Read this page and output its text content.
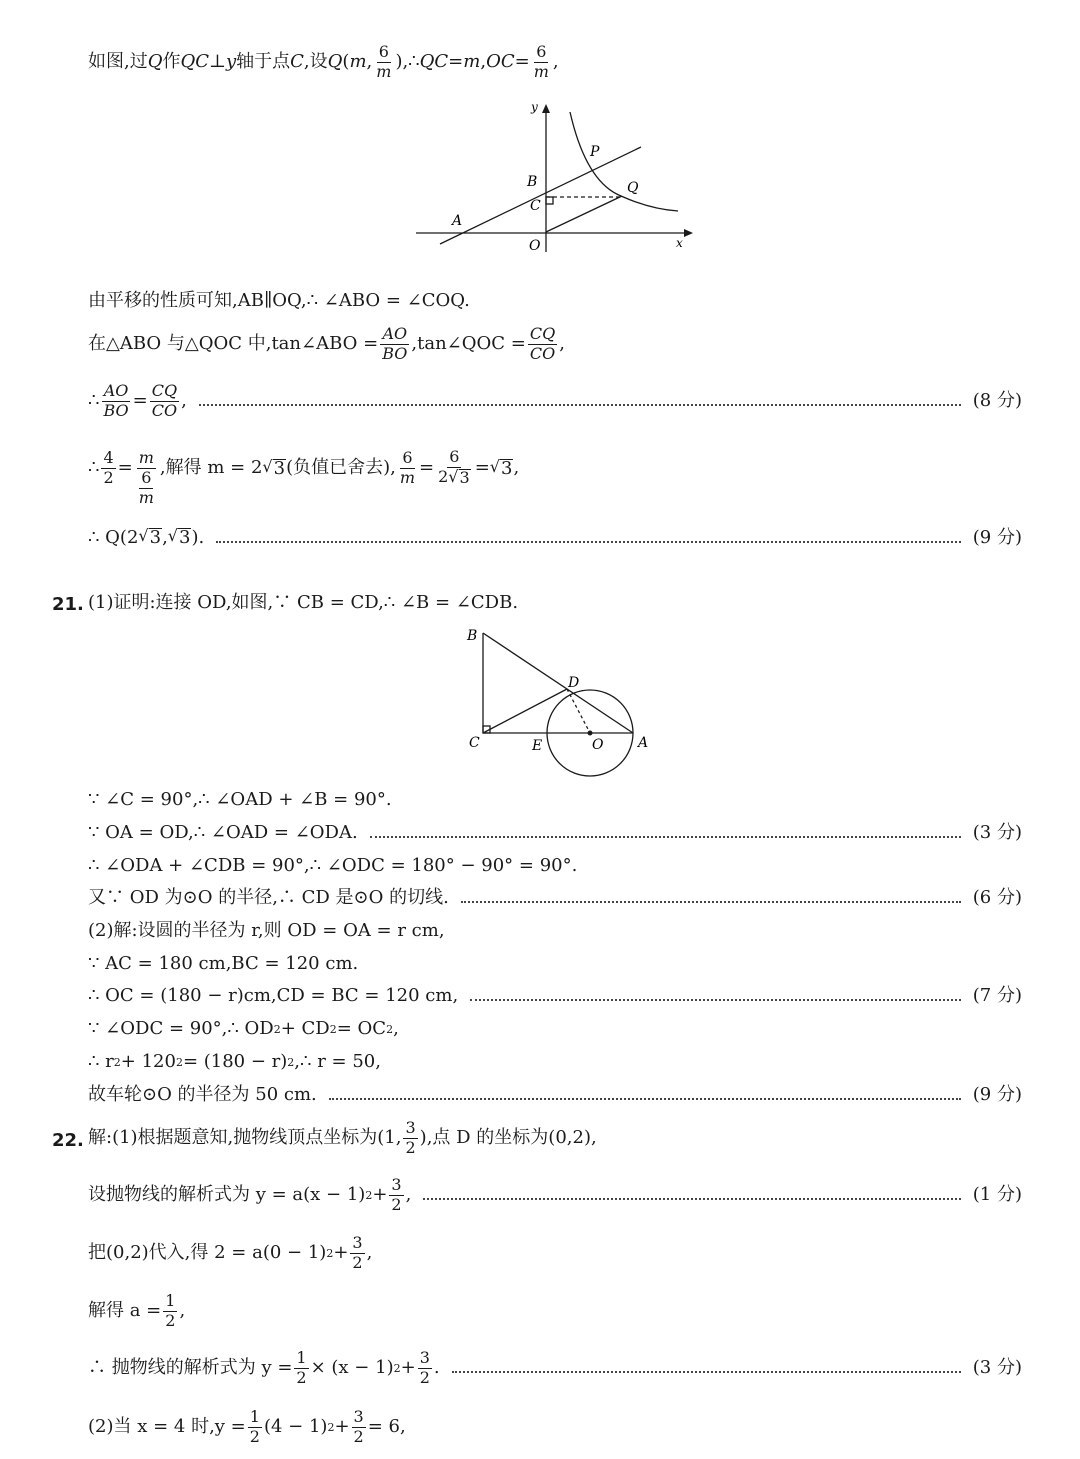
如图,过 Q 作 QC ⊥ y 轴于点 C ,设 Q ( m , $\frac{6}{m}$ ),∴ QC = m , OC = $\frac{6}{m}$ ,
y
x
P
Q
B
C
A
O
由平移的性质可知,AB∥OQ,∴ ∠ABO = ∠COQ.
在△ABO 与△QOC 中,tan∠ABO = $\frac{AO}{BO}$ ,tan∠QOC = $\frac{CQ}{CO}$ ,
∴ $\frac{AO}{BO} = \frac{CQ}{CO}$ ,	(8 分)
∴ $\frac{4}{2} = \frac{m}{\frac{6}{m}}$ ,解得 m = 2 √ 3 (负值已舍去), $\frac{6}{m} = \frac{6}{2 √ 3}$ = √ 3 ,
∴ Q(2 √ 3 , √ 3 ).	(9 分)
21. (1)证明:连接 OD,如图,∵ CB = CD,∴ ∠B = ∠CDB.
B
D
C	E	O A
∵ ∠C = 90°,∴ ∠OAD + ∠B = 90°.
∵ OA = OD,∴ ∠OAD = ∠ODA.	(3 分)
∴ ∠ODA + ∠CDB = 90°,∴ ∠ODC = 180° − 90° = 90°.
又∵ OD 为⊙O 的半径,∴ CD 是⊙O 的切线.	(6 分)
(2)解:设圆的半径为 r,则 OD = OA = r cm,
∵ AC = 180 cm,BC = 120 cm.
∴ OC = (180 − r)cm,CD = BC = 120 cm,	(7 分)
∵ ∠ODC = 90°,∴ OD 2 + CD 2 = OC 2 ,
∴ r 2 + 120 2 = (180 − r) 2 ,∴ r = 50,
故车轮⊙O 的半径为 50 cm.	(9 分)
22. 解:(1)根据题意知,抛物线顶点坐标为(1, $\frac{3}{2}$ ),点 D 的坐标为(0,2),
设抛物线的解析式为 y = a(x − 1) $2 + \frac{3}{2}$ ,	(1 分)
把(0,2)代入,得 2 = a(0 − 1) $2 + \frac{3}{2}$ ,
解得 $a = \frac{1}{2}$ ,
∴ 抛物线的解析式为 $y = \frac{1}{2} \times (x - 1) 2 + \frac{3}{2}$ .	(3 分)
(2)当 x = 4 时$,y = \frac{1}{2} (4 - 1) 2 + \frac{3}{2} = 6$,
